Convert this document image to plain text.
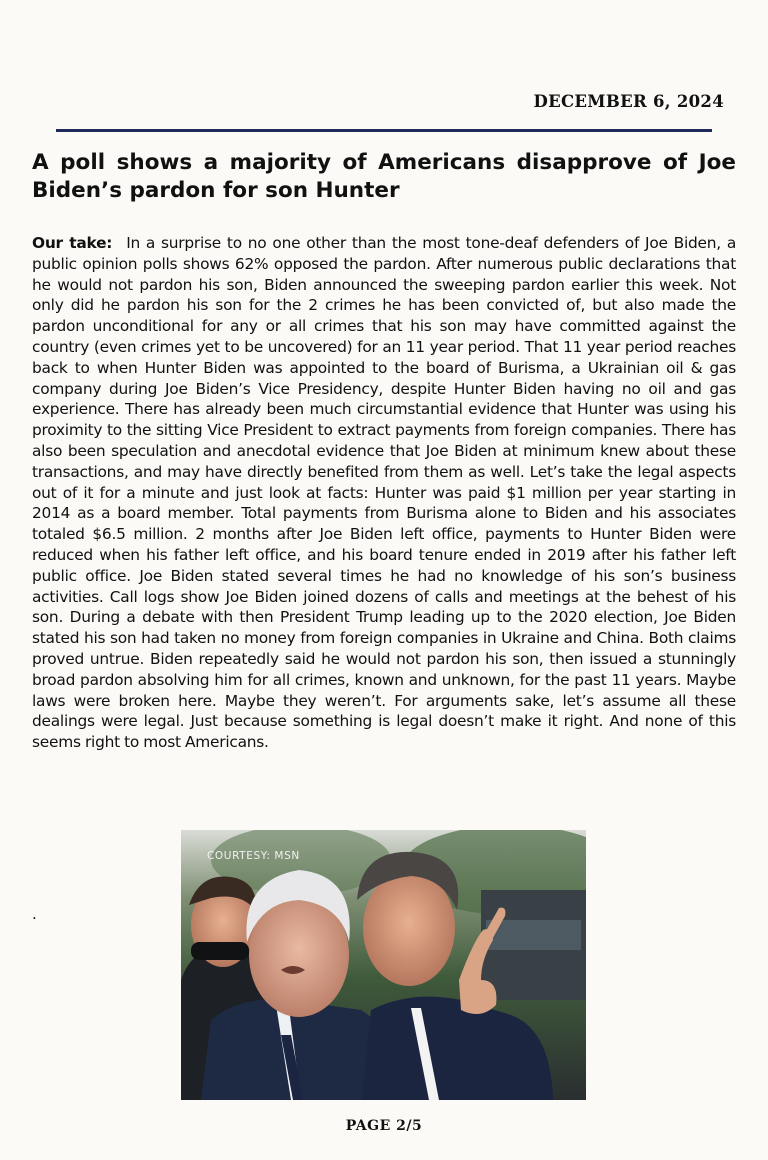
DECEMBER 6, 2024
A poll shows a majority of Americans disapprove of Joe Biden’s pardon for son Hunter

Our take: In a surprise to no one other than the most tone-deaf defenders of Joe Biden, a public opinion polls shows 62% opposed the pardon. After numerous public declarations that he would not pardon his son, Biden announced the sweeping pardon earlier this week. Not only did he pardon his son for the 2 crimes he has been convicted of, but also made the pardon unconditional for any or all crimes that his son may have committed against the country (even crimes yet to be uncovered) for an 11 year period. That 11 year period reaches back to when Hunter Biden was appointed to the board of Burisma, a Ukrainian oil & gas company during Joe Biden’s Vice Presidency, despite Hunter Biden having no oil and gas experience. There has already been much circumstantial evidence that Hunter was using his proximity to the sitting Vice President to extract payments from foreign companies. There has also been speculation and anecdotal evidence that Joe Biden at minimum knew about these transactions, and may have directly benefited from them as well. Let’s take the legal aspects out of it for a minute and just look at facts: Hunter was paid $1 million per year starting in 2014 as a board member. Total payments from Burisma alone to Biden and his associates totaled $6.5 million. 2 months after Joe Biden left office, payments to Hunter Biden were reduced when his father left office, and his board tenure ended in 2019 after his father left public office. Joe Biden stated several times he had no knowledge of his son’s business activities. Call logs show Joe Biden joined dozens of calls and meetings at the behest of his son. During a debate with then President Trump leading up to the 2020 election, Joe Biden stated his son had taken no money from foreign companies in Ukraine and China. Both claims proved untrue. Biden repeatedly said he would not pardon his son, then issued a stunningly broad pardon absolving him for all crimes, known and unknown, for the past 11 years. Maybe laws were broken here. Maybe they weren’t. For arguments sake, let’s assume all these dealings were legal. Just because something is legal doesn’t make it right. And none of this seems right to most Americans.

.
COURTESY: MSN
PAGE 2/5
